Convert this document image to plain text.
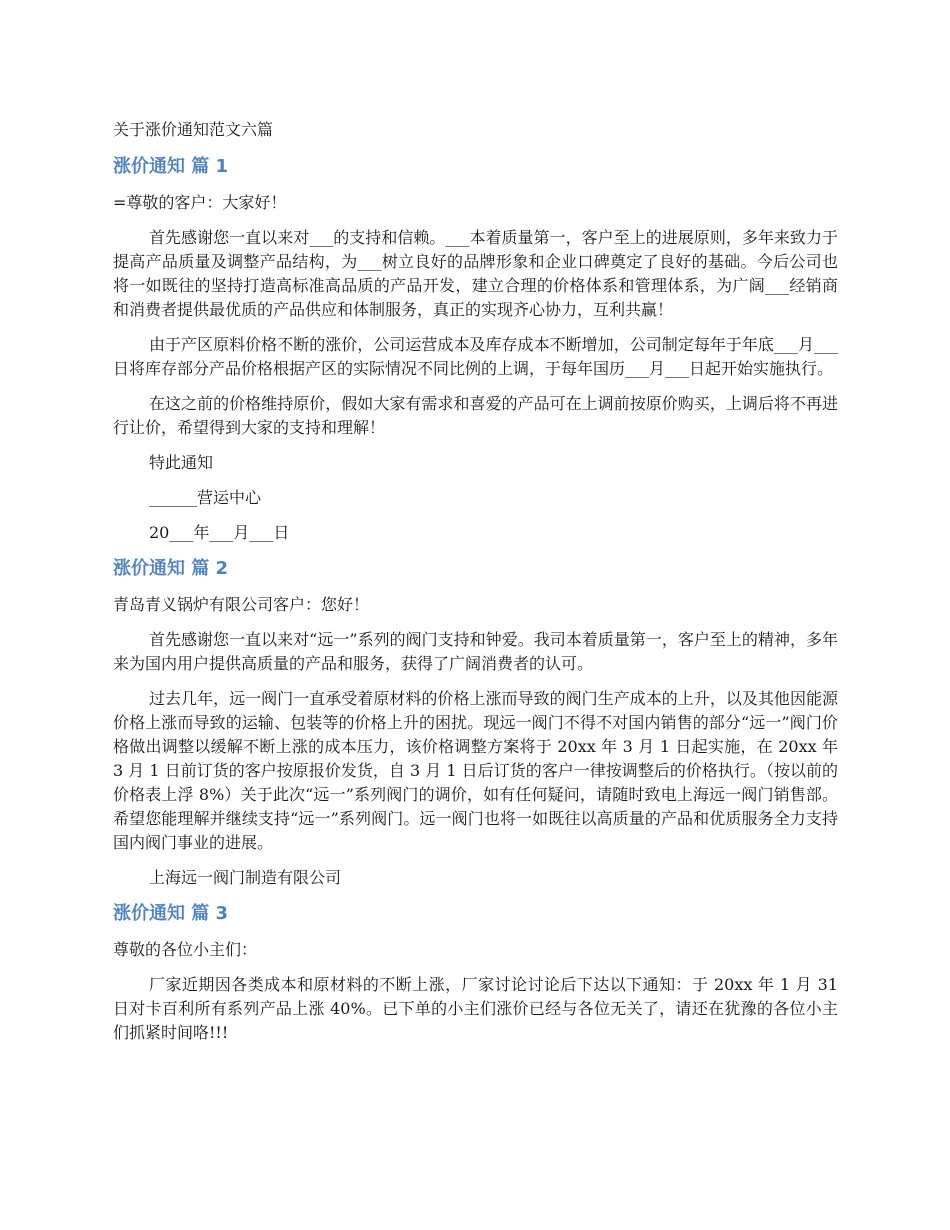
关于涨价通知范文六篇
涨价通知 篇 1

=尊敬的客户：大家好！

首先感谢您一直以来对___的支持和信赖。___本着质量第一，客户至上的进展原则，多年来致力于提高产品质量及调整产品结构，为___树立良好的品牌形象和企业口碑奠定了良好的基础。今后公司也将一如既往的坚持打造高标准高品质的产品开发，建立合理的价格体系和管理体系，为广阔___经销商和消费者提供最优质的产品供应和体制服务，真正的实现齐心协力，互利共赢！

由于产区原料价格不断的涨价，公司运营成本及库存成本不断增加，公司制定每年于年底___月___日将库存部分产品价格根据产区的实际情况不同比例的上调，于每年国历___月___日起开始实施执行。

在这之前的价格维持原价，假如大家有需求和喜爱的产品可在上调前按原价购买，上调后将不再进行让价，希望得到大家的支持和理解！

特此通知

______营运中心

20___年___月___日

涨价通知 篇 2

青岛青义锅炉有限公司客户：您好！

首先感谢您一直以来对“远一”系列的阀门支持和钟爱。我司本着质量第一，客户至上的精神，多年来为国内用户提供高质量的产品和服务，获得了广阔消费者的认可。

过去几年，远一阀门一直承受着原材料的价格上涨而导致的阀门生产成本的上升，以及其他因能源价格上涨而导致的运输、包装等的价格上升的困扰。现远一阀门不得不对国内销售的部分“远一”阀门价格做出调整以缓解不断上涨的成本压力，该价格调整方案将于 20xx 年 3 月 1 日起实施，在 20xx 年 3 月 1 日前订货的客户按原报价发货，自 3 月 1 日后订货的客户一律按调整后的价格执行。（按以前的价格表上浮 8%）关于此次“远一”系列阀门的调价，如有任何疑问，请随时致电上海远一阀门销售部。希望您能理解并继续支持“远一”系列阀门。远一阀门也将一如既往以高质量的产品和优质服务全力支持国内阀门事业的进展。

上海远一阀门制造有限公司

涨价通知 篇 3

尊敬的各位小主们：

厂家近期因各类成本和原材料的不断上涨，厂家讨论讨论后下达以下通知：于 20xx 年 1 月 31 日对卡百利所有系列产品上涨 40%。已下单的小主们涨价已经与各位无关了，请还在犹豫的各位小主们抓紧时间咯!!!
